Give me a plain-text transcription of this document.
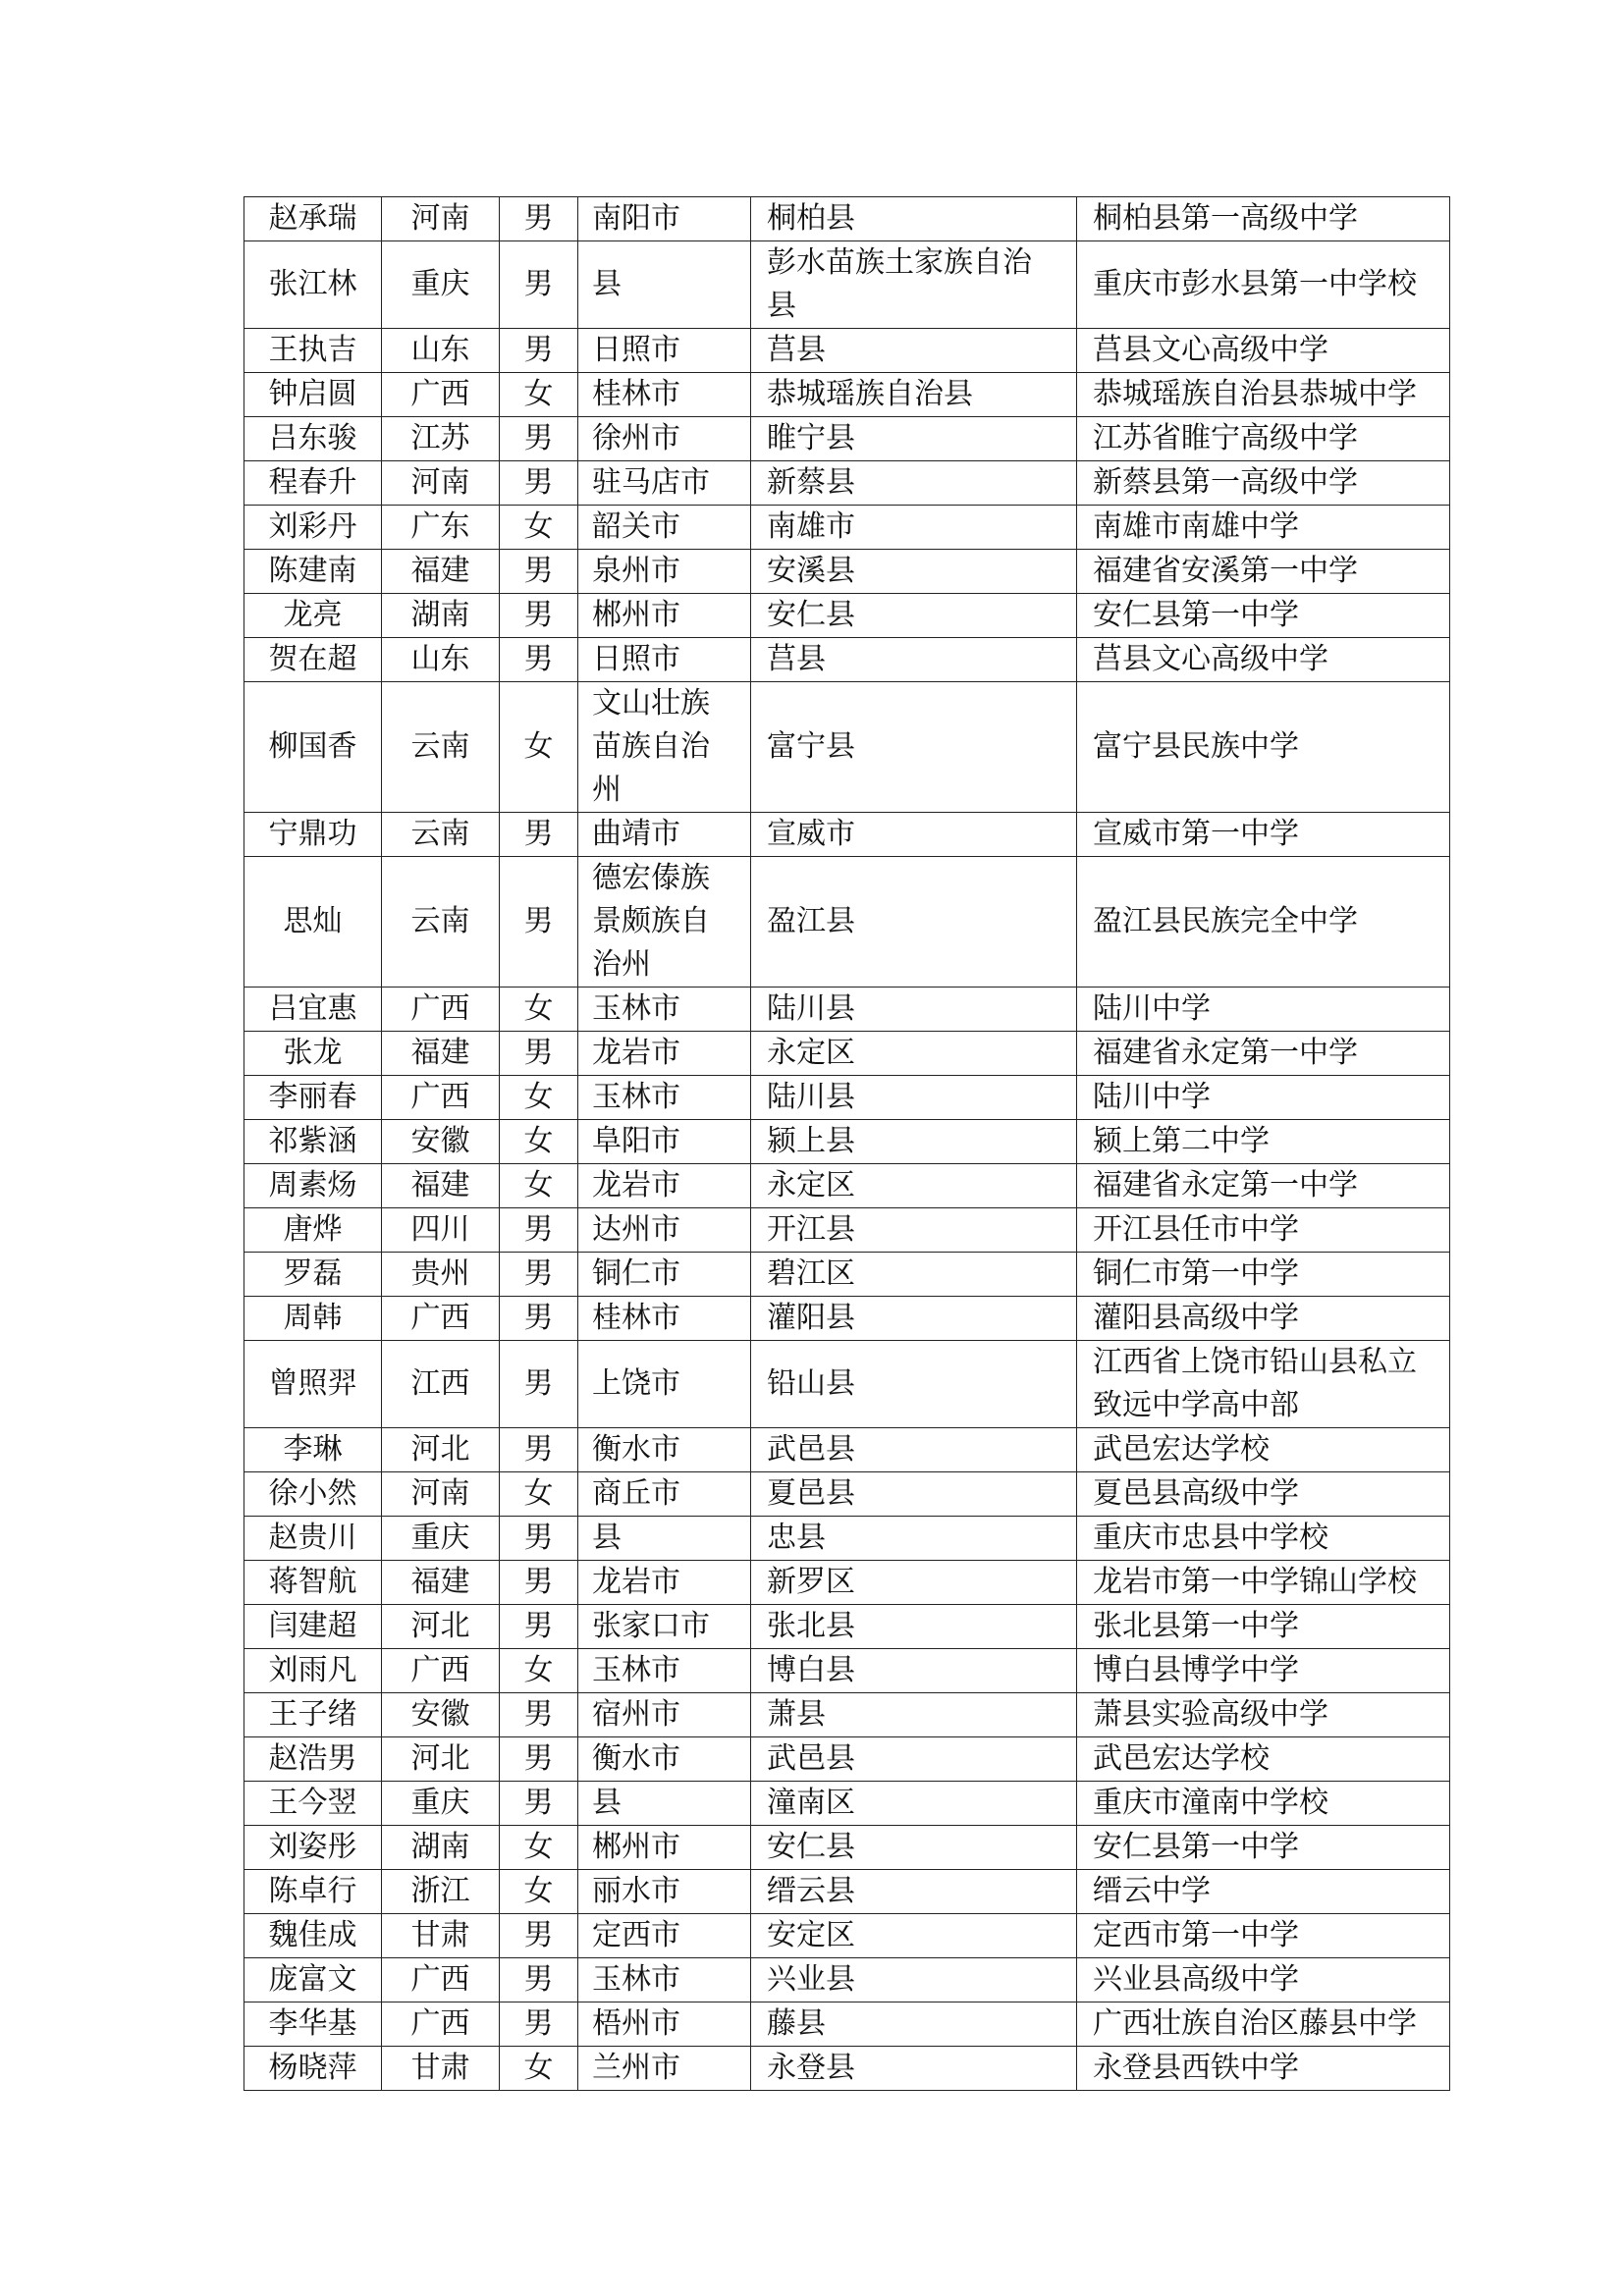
赵承瑞	河南	男	南阳市	桐柏县	桐柏县第一高级中学
张江林	重庆	男	县	彭水苗族土家族自治县	重庆市彭水县第一中学校
王执吉	山东	男	日照市	莒县	莒县文心高级中学
钟启圆	广西	女	桂林市	恭城瑶族自治县	恭城瑶族自治县恭城中学
吕东骏	江苏	男	徐州市	睢宁县	江苏省睢宁高级中学
程春升	河南	男	驻马店市	新蔡县	新蔡县第一高级中学
刘彩丹	广东	女	韶关市	南雄市	南雄市南雄中学
陈建南	福建	男	泉州市	安溪县	福建省安溪第一中学
龙亮	湖南	男	郴州市	安仁县	安仁县第一中学
贺在超	山东	男	日照市	莒县	莒县文心高级中学
柳国香	云南	女	文山壮族苗族自治州	富宁县	富宁县民族中学
宁鼎功	云南	男	曲靖市	宣威市	宣威市第一中学
思灿	云南	男	德宏傣族景颇族自治州	盈江县	盈江县民族完全中学
吕宜惠	广西	女	玉林市	陆川县	陆川中学
张龙	福建	男	龙岩市	永定区	福建省永定第一中学
李丽春	广西	女	玉林市	陆川县	陆川中学
祁紫涵	安徽	女	阜阳市	颍上县	颍上第二中学
周素炀	福建	女	龙岩市	永定区	福建省永定第一中学
唐烨	四川	男	达州市	开江县	开江县任市中学
罗磊	贵州	男	铜仁市	碧江区	铜仁市第一中学
周韩	广西	男	桂林市	灌阳县	灌阳县高级中学
曾照羿	江西	男	上饶市	铅山县	江西省上饶市铅山县私立致远中学高中部
李琳	河北	男	衡水市	武邑县	武邑宏达学校
徐小然	河南	女	商丘市	夏邑县	夏邑县高级中学
赵贵川	重庆	男	县	忠县	重庆市忠县中学校
蒋智航	福建	男	龙岩市	新罗区	龙岩市第一中学锦山学校
闫建超	河北	男	张家口市	张北县	张北县第一中学
刘雨凡	广西	女	玉林市	博白县	博白县博学中学
王子绪	安徽	男	宿州市	萧县	萧县实验高级中学
赵浩男	河北	男	衡水市	武邑县	武邑宏达学校
王今翌	重庆	男	县	潼南区	重庆市潼南中学校
刘姿彤	湖南	女	郴州市	安仁县	安仁县第一中学
陈卓行	浙江	女	丽水市	缙云县	缙云中学
魏佳成	甘肃	男	定西市	安定区	定西市第一中学
庞富文	广西	男	玉林市	兴业县	兴业县高级中学
李华基	广西	男	梧州市	藤县	广西壮族自治区藤县中学
杨晓萍	甘肃	女	兰州市	永登县	永登县西铁中学
